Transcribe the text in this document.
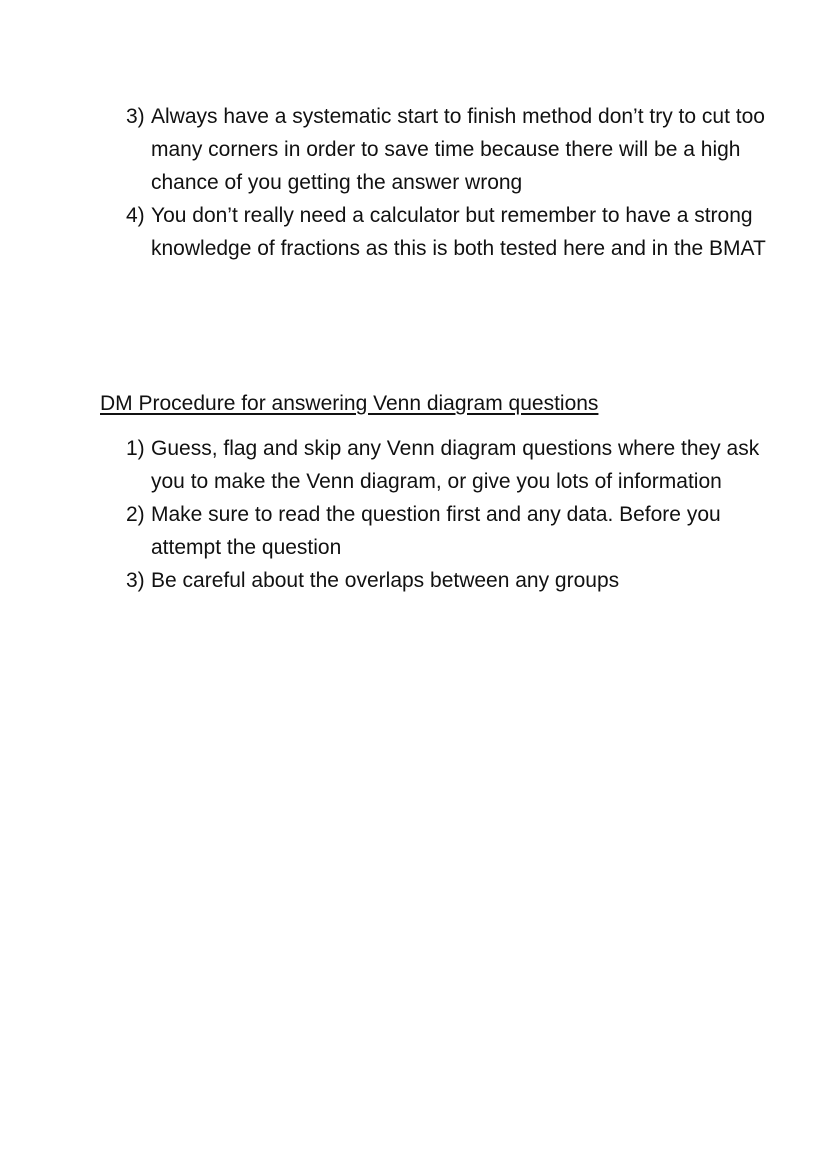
3) Always have a systematic start to finish method don’t try to cut too many corners in order to save time because there will be a high chance of you getting the answer wrong
4) You don’t really need a calculator but remember to have a strong knowledge of fractions as this is both tested here and in the BMAT
DM Procedure for answering Venn diagram questions
1) Guess, flag and skip any Venn diagram questions where they ask you to make the Venn diagram, or give you lots of information
2) Make sure to read the question first and any data. Before you attempt the question
3) Be careful about the overlaps between any groups
